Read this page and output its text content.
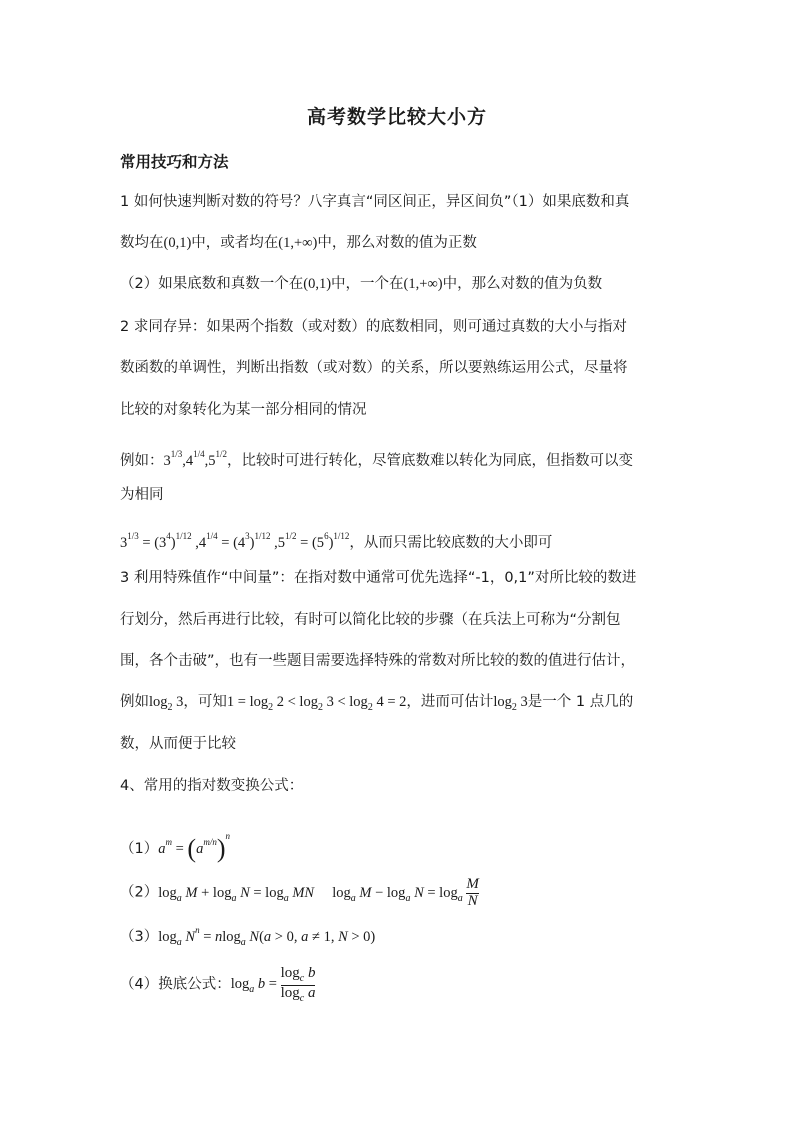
高考数学比较大小方
常用技巧和方法
1 如何快速判断对数的符号？八字真言“同区间正，异区间负”（1）如果底数和真
数均在(0,1)中，或者均在(1,+∞)中，那么对数的值为正数
（2）如果底数和真数一个在(0,1)中，一个在(1,+∞)中，那么对数的值为负数
2 求同存异：如果两个指数（或对数）的底数相同，则可通过真数的大小与指对
数函数的单调性，判断出指数（或对数）的关系，所以要熟练运用公式，尽量将
比较的对象转化为某一部分相同的情况
例如：$3^{1/3},4^{1/4},5^{1/2}$，比较时可进行转化，尽管底数难以转化为同底，但指数可以变
为相同
$3^{1/3} = (3^4)^{1/12}$ $,4^{1/4} = (4^3)^{1/12}$ $,5^{1/2} = (5^6)^{1/12}$，从而只需比较底数的大小即可
3 利用特殊值作“中间量”：在指对数中通常可优先选择“-1，0,1”对所比较的数进
行划分，然后再进行比较，有时可以简化比较的步骤（在兵法上可称为“分割包
围，各个击破”，也有一些题目需要选择特殊的常数对所比较的数的值进行估计，
例如$\log_2 3$，可知$1 = \log_2 2 < \log_2 3 < \log_2 4 = 2$，进而可估计$\log_2 3$是一个 1 点几的
数，从而便于比较
4、常用的指对数变换公式：
$(1)a^m = (a^{m/n})^n$
$(2)\log_a$ $M + \log_a N = \log_a$ MN     $\log_a M - \log_a N = \log_a \frac{M}{N}$
$(3)\log_a$ $N^n = nlog_a$ N(a > 0, a ≠ 1, N > 0)
（4）换底公式：$\log_a b = \frac{\log_c b}{\log_c a}$
